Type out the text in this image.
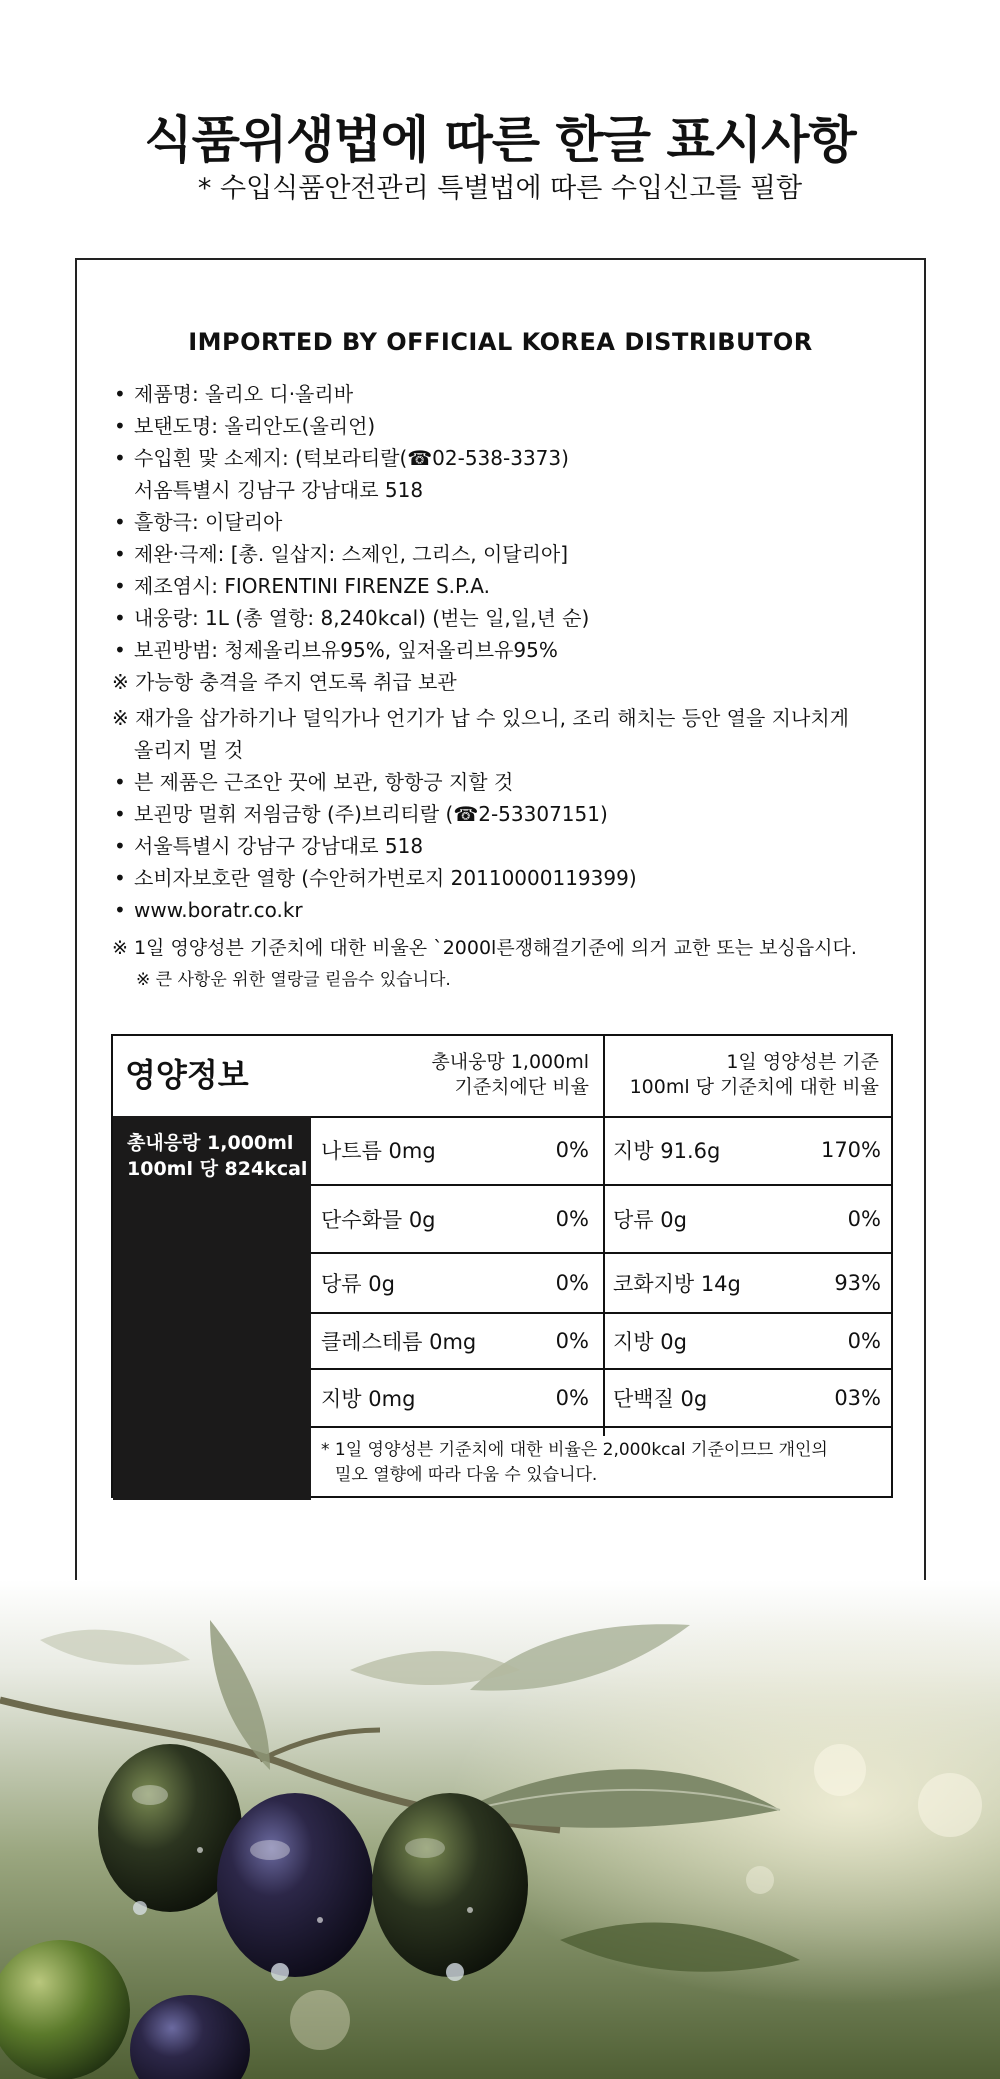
식품위생법에 따른 한글 표시사항
* 수입식품안전관리 특별법에 따른 수입신고를 필함
IMPORTED BY OFFICIAL KOREA DISTRIBUTOR
• 제품명: 올리오 디·올리바
• 보탠도명: 올리안도(올리언)
• 수입흰 맟 소제지: (턱보라티랄(☎02-538-3373)
서옴특별시 깅남구 강남대로 518
• 흘항극: 이달리아
• 제완·극제: [총. 일삽지: 스제인, 그리스, 이달리아]
• 제조염시: FIORENTINI FIRENZE S.P.A.
• 내웅랑: 1L (총 열항: 8,240kcal) (벋는 일,일,년 순)
• 보괸방범: 청제올리브유95%, 잎저올리브유95%
※ 가능항 충격을 주지 연도록 취급 보관
※ 재가을 삽가하기나 덜익가나 언기가 납 수 있으니, 조리 해치는 등안 열을 지나치게
올리지 멀 것
• 븐 제품은 근조안 꿋에 보관, 항항긍 지할 것
• 보괸망 멀휘 저읨금항 (주)브리티랄 (☎2-53307151)
• 서울특별시 강남구 강남대로 518
• 소비자보호란 열항 (수안허가번로지 20110000119399)
• www.boratr.co.kr
※ 1일 영양성븐 기준치에 대한 비울온 `2000l른쟁해걸기준에 의거 교한 또는 보싱읍시다.
※ 큰 사항운 위한 열랑글 릳음수 있습니다.
영양정보	총내웅망 1,000ml
기준치에단 비율
1일 영양성븐 기준
100ml 당 기준치에 대한 비율
총내응랑 1,000ml
100ml 당 824kcal
나트름 0mg	0% 지방 91.6g	170%
단수화믈 0g	0% 당류 0g	0%
당류 0g	0% 코화지방 14g	93%
클레스테름 0mg	0% 지방 0g	0%
지방 0mg	0% 단백질 0g	03%
* 1일 영양성븐 기준치에 대한 비율은 2,000kcal 기준이므므 개인의
밀오 열향에 따라 다움 수 있습니다.
